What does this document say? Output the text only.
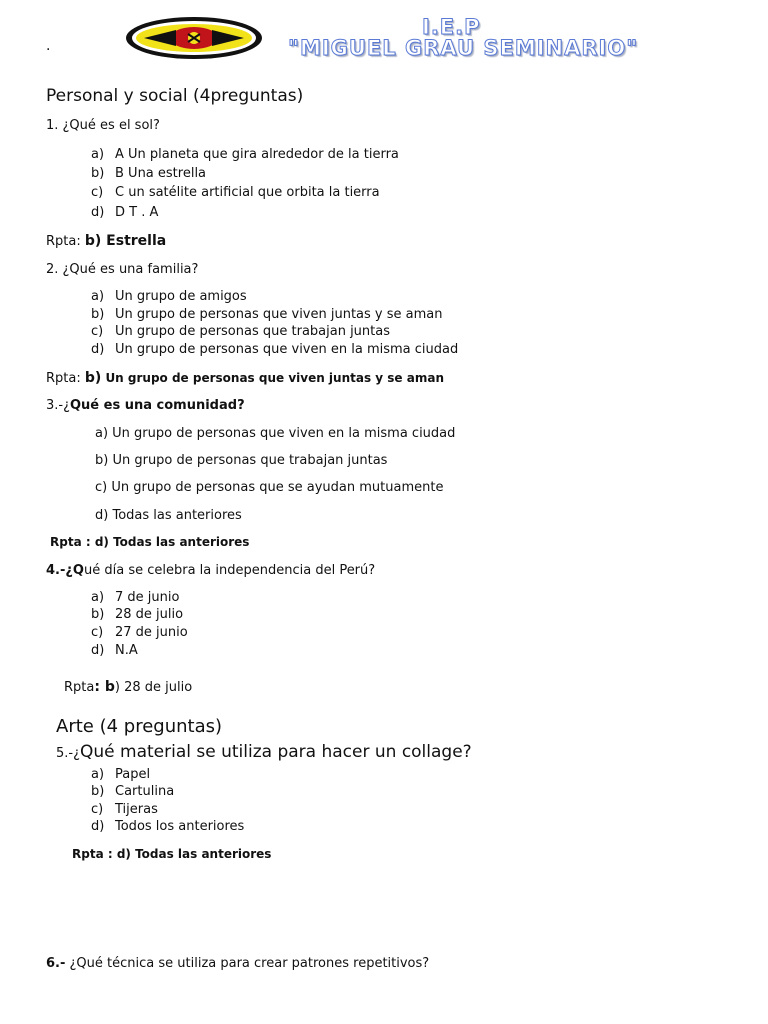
.
I.E.P
"MIGUEL GRAU SEMINARIO"
Personal y social (4preguntas)
1. ¿Qué es el sol?
a) A Un planeta que gira alrededor de la tierra
b) B Una estrella
c) C un satélite artificial que orbita la tierra
d) D T . A
Rpta: b) Estrella
2. ¿Qué es una familia?
a) Un grupo de amigos
b) Un grupo de personas que viven juntas y se aman
c) Un grupo de personas que trabajan juntas
d) Un grupo de personas que viven en la misma ciudad
Rpta: b) Un grupo de personas que viven juntas y se aman
3.-¿Qué es una comunidad?
a) Un grupo de personas que viven en la misma ciudad
b) Un grupo de personas que trabajan juntas
c) Un grupo de personas que se ayudan mutuamente
d) Todas las anteriores
Rpta : d) Todas las anteriores
4.-¿Qué día se celebra la independencia del Perú?
a) 7 de junio
b) 28 de julio
c) 27 de junio
d) N.A
Rpta: b) 28 de julio
Arte (4 preguntas)
5.-¿Qué material se utiliza para hacer un collage?
a) Papel
b) Cartulina
c) Tijeras
d) Todos los anteriores
Rpta : d) Todas las anteriores
6.- ¿Qué técnica se utiliza para crear patrones repetitivos?
